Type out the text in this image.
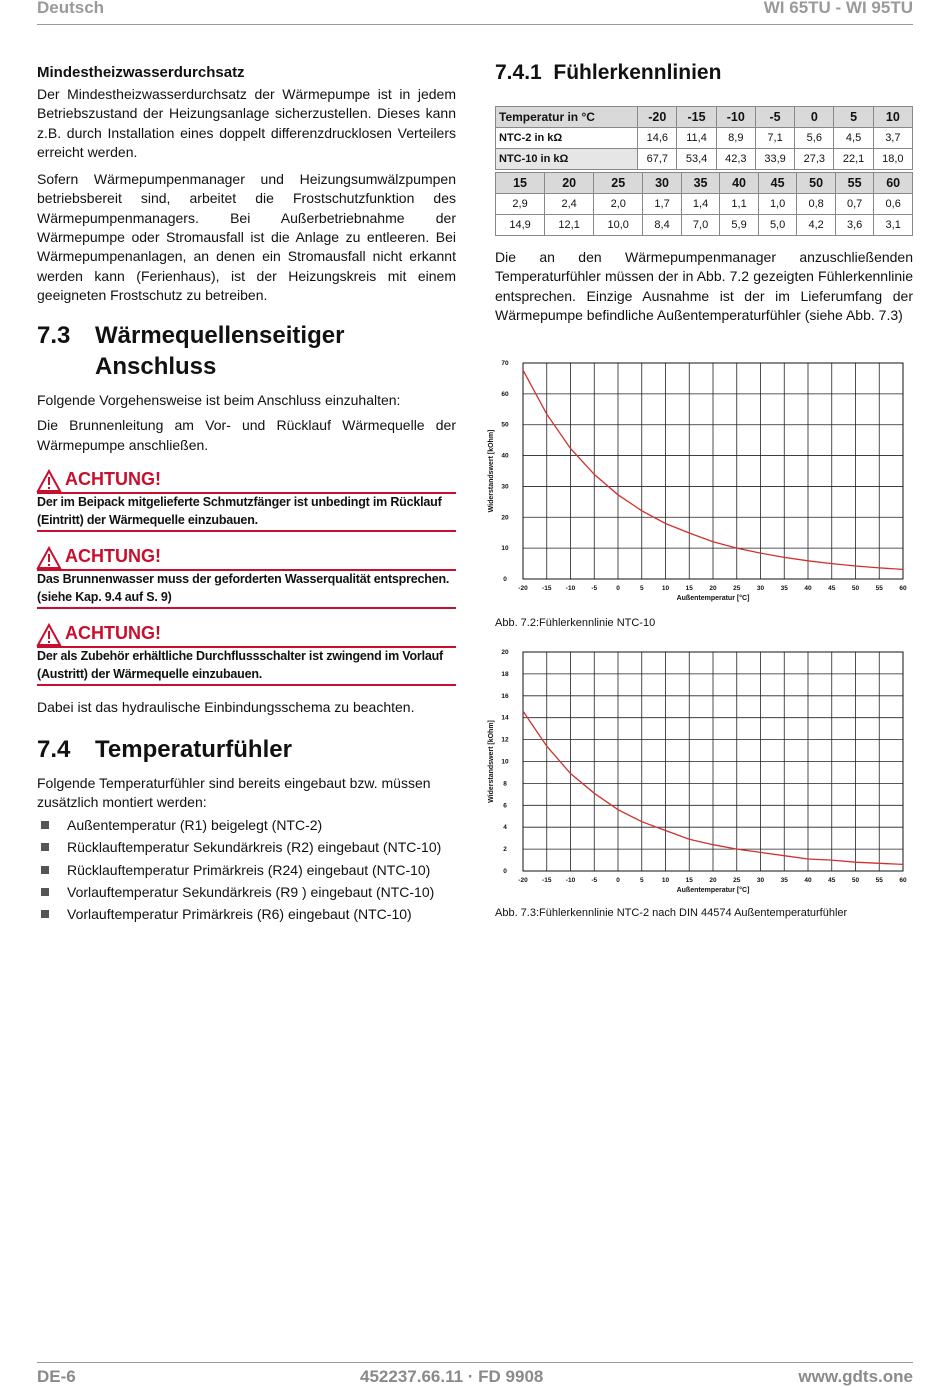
Deutsch	WI 65TU - WI 95TU
Mindestheizwasserdurchsatz

Der Mindestheizwasserdurchsatz der Wärmepumpe ist in jedem Betriebszustand der Heizungsanlage sicherzustellen. Dieses kann z.B. durch Installation eines doppelt differenzdrucklosen Verteilers erreicht werden.

Sofern Wärmepumpenmanager und Heizungsumwälzpumpen betriebsbereit sind, arbeitet die Frostschutzfunktion des Wärmepumpenmanagers. Bei Außerbetriebnahme der Wärmepumpe oder Stromausfall ist die Anlage zu entleeren. Bei Wärmepumpenanlagen, an denen ein Stromausfall nicht erkannt werden kann (Ferienhaus), ist der Heizungskreis mit einem geeigneten Frostschutz zu betreiben.

7.3 Wärmequellenseitiger
Anschluss

Folgende Vorgehensweise ist beim Anschluss einzuhalten:

Die Brunnenleitung am Vor- und Rücklauf Wärmequelle der Wärmepumpe anschließen.

ACHTUNG!
Der im Beipack mitgelieferte Schmutzfänger ist unbedingt im Rücklauf (Eintritt) der Wärmequelle einzubauen.
ACHTUNG!
Das Brunnenwasser muss der geforderten Wasserqualität entsprechen. (siehe Kap. 9.4 auf S. 9)
ACHTUNG!
Der als Zubehör erhältliche Durchflussschalter ist zwingend im Vorlauf (Austritt) der Wärmequelle einzubauen.

Dabei ist das hydraulische Einbindungsschema zu beachten.

7.4 Temperaturfühler

Folgende Temperaturfühler sind bereits eingebaut bzw. müssen zusätzlich montiert werden:

Außentemperatur (R1) beigelegt (NTC-2)
Rücklauftemperatur Sekundärkreis (R2) eingebaut (NTC-10)
Rücklauftemperatur Primärkreis (R24) eingebaut (NTC-10)
Vorlauftemperatur Sekundärkreis (R9 ) eingebaut (NTC-10)
Vorlauftemperatur Primärkreis (R6) eingebaut (NTC-10)
7.4.1 Fühlerkennlinien
Temperatur in °C	-20	-15	-10	-5	0	5	10
NTC-2 in kΩ	14,6	11,4	8,9	7,1	5,6	4,5	3,7
NTC-10 in kΩ	67,7	53,4	42,3	33,9	27,3	22,1	18,0
15	20	25	30	35	40	45	50	55	60
2,9	2,4	2,0	1,7	1,4	1,1	1,0	0,8	0,7	0,6
14,9	12,1	10,0	8,4	7,0	5,9	5,0	4,2	3,6	3,1

Die an den Wärmepumpenmanager anzuschließenden Temperaturfühler müssen der in Abb. 7.2 gezeigten Fühlerkennlinie entsprechen. Einzige Ausnahme ist der im Lieferumfang der Wärmepumpe befindliche Außentemperaturfühler (siehe Abb. 7.3)

-20 -15 -10 -5	0	5	10	15	20	25	30	35	40	45	50	55	60
0
10
20
30
40
50
60
70
Außentemperatur [°C]
Widerstandswert [kOhm]
Abb. 7.2:Fühlerkennlinie NTC-10
-20 -15 -10 -5	0	5	10	15	20	25	30	35	40	45	50	55	60
0
2
4
6
8
10
12
14
16
18
20
Außentemperatur [°C]
Widerstandswert [kOhm]
Abb. 7.3:Fühlerkennlinie NTC-2 nach DIN 44574 Außentemperaturfühler
DE-6	452237.66.11 · FD 9908	www.gdts.one
